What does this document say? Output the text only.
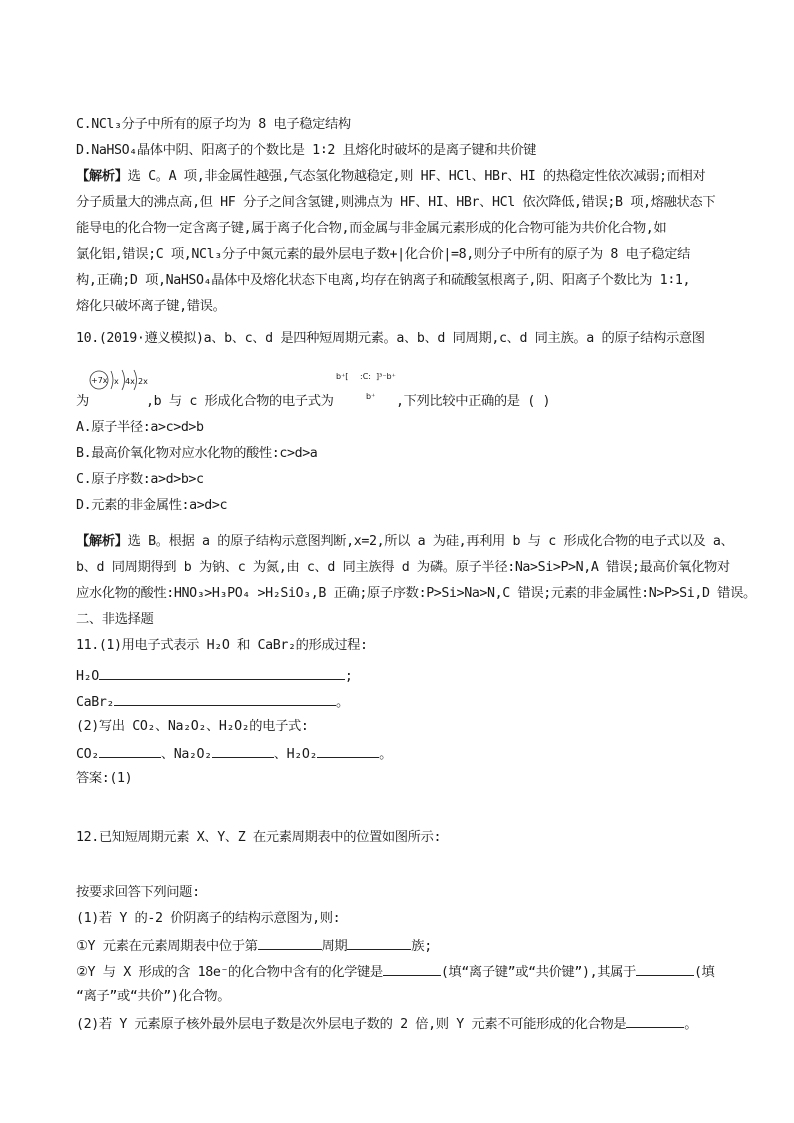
C.NCl₃分子中所有的原子均为 8 电子稳定结构
D.NaHSO₄晶体中阴、阳离子的个数比是 1∶2 且熔化时破坏的是离子键和共价键
【解析】选 C。A 项,非金属性越强,气态氢化物越稳定,则 HF、HCl、HBr、HI 的热稳定性依次减弱;而相对
分子质量大的沸点高,但 HF 分子之间含氢键,则沸点为 HF、HI、HBr、HCl 依次降低,错误;B 项,熔融状态下
能导电的化合物一定含离子键,属于离子化合物,而金属与非金属元素形成的化合物可能为共价化合物,如
氯化铝,错误;C 项,NCl₃分子中氮元素的最外层电子数+|化合价|=8,则分子中所有的原子为 8 电子稳定结
构,正确;D 项,NaHSO₄晶体中及熔化状态下电离,均存在钠离子和硫酸氢根离子,阴、阳离子个数比为 1∶1,
熔化只破坏离子键,错误。
10.(2019·遵义模拟)a、b、c、d 是四种短周期元素。a、b、d 同周期,c、d 同主族。a 的原子结构示意图
+7x x 4x 2x
b⁺[ :C: ]³⁻b⁺
b⁺
为	,b 与 c 形成化合物的电子式为	,下列比较中正确的是 ( )
A.原子半径:a>c>d>b
B.最高价氧化物对应水化物的酸性:c>d>a
C.原子序数:a>d>b>c
D.元素的非金属性:a>d>c
【解析】选 B。根据 a 的原子结构示意图判断,x=2,所以 a 为硅,再利用 b 与 c 形成化合物的电子式以及 a、
b、d 同周期得到 b 为钠、c 为氮,由 c、d 同主族得 d 为磷。原子半径:Na>Si>P>N,A 错误;最高价氧化物对
应水化物的酸性:HNO₃>H₃PO₄ >H₂SiO₃,B 正确;原子序数:P>Si>Na>N,C 错误;元素的非金属性:N>P>Si,D 错误。
二、非选择题
11.(1)用电子式表示 H₂O 和 CaBr₂的形成过程:
H₂O	;
CaBr₂	。
(2)写出 CO₂、Na₂O₂、H₂O₂的电子式:
CO₂	、Na₂O₂	、H₂O₂	。
答案:(1)
12.已知短周期元素 X、Y、Z 在元素周期表中的位置如图所示:
按要求回答下列问题:
(1)若 Y 的-2 价阴离子的结构示意图为,则:
①Y 元素在元素周期表中位于第	周期	族;
②Y 与 X 形成的含 18e⁻的化合物中含有的化学键是	(填“离子键”或“共价键”),其属于	(填
“离子”或“共价”)化合物。
(2)若 Y 元素原子核外最外层电子数是次外层电子数的 2 倍,则 Y 元素不可能形成的化合物是	。
